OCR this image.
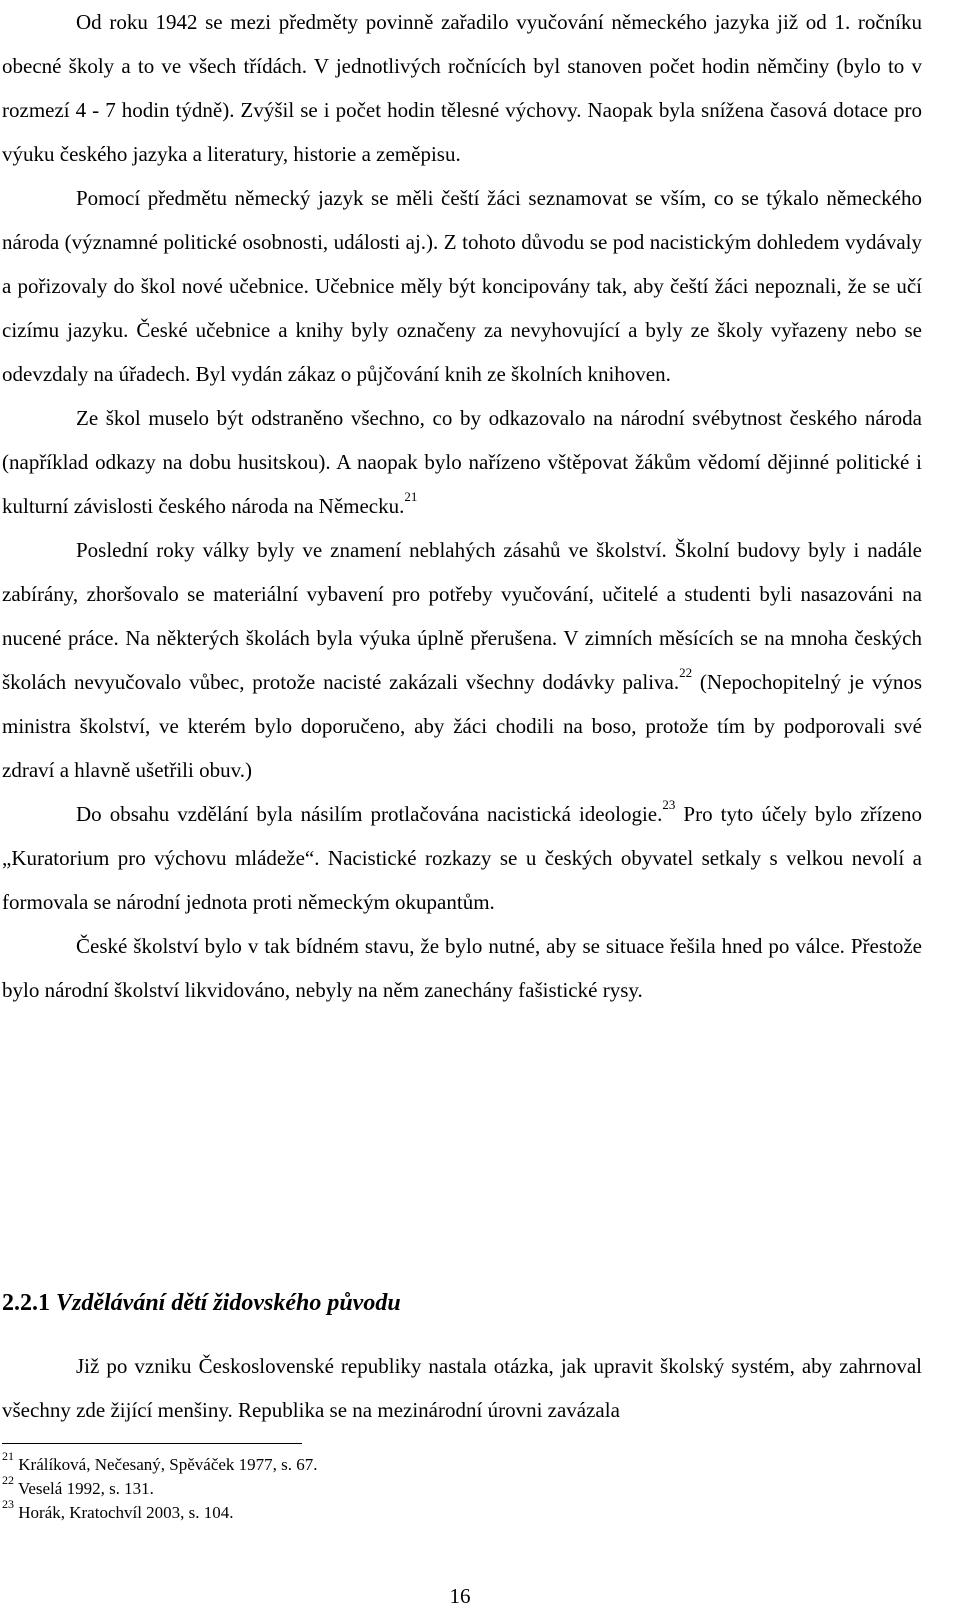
Od roku 1942 se mezi předměty povinně zařadilo vyučování německého jazyka již od 1. ročníku obecné školy a to ve všech třídách. V jednotlivých ročnících byl stanoven počet hodin němčiny (bylo to v rozmezí 4 - 7 hodin týdně). Zvýšil se i počet hodin tělesné výchovy. Naopak byla snížena časová dotace pro výuku českého jazyka a literatury, historie a zeměpisu.

Pomocí předmětu německý jazyk se měli čeští žáci seznamovat se vším, co se týkalo německého národa (významné politické osobnosti, události aj.). Z tohoto důvodu se pod nacistickým dohledem vydávaly a pořizovaly do škol nové učebnice. Učebnice měly být koncipovány tak, aby čeští žáci nepoznali, že se učí cizímu jazyku. České učebnice a knihy byly označeny za nevyhovující a byly ze školy vyřazeny nebo se odevzdaly na úřadech. Byl vydán zákaz o půjčování knih ze školních knihoven.

Ze škol muselo být odstraněno všechno, co by odkazovalo na národní svébytnost českého národa (například odkazy na dobu husitskou). A naopak bylo nařízeno vštěpovat žákům vědomí dějinné politické i kulturní závislosti českého národa na Německu.$^{21}$

Poslední roky války byly ve znamení neblahých zásahů ve školství. Školní budovy byly i nadále zabírány, zhoršovalo se materiální vybavení pro potřeby vyučování, učitelé a studenti byli nasazováni na nucené práce. Na některých školách byla výuka úplně přerušena. V zimních měsících se na mnoha českých školách nevyučovalo vůbec, protože nacisté zakázali všechny dodávky paliva.$^{22}$ (Nepochopitelný je výnos ministra školství, ve kterém bylo doporučeno, aby žáci chodili na boso, protože tím by podporovali své zdraví a hlavně ušetřili obuv.)

Do obsahu vzdělání byla násilím protlačována nacistická ideologie.$^{23}$ Pro tyto účely bylo zřízeno „Kuratorium pro výchovu mládeže“. Nacistické rozkazy se u českých obyvatel setkaly s velkou nevolí a formovala se národní jednota proti německým okupantům.

České školství bylo v tak bídném stavu, že bylo nutné, aby se situace řešila hned po válce. Přestože bylo národní školství likvidováno, nebyly na něm zanechány fašistické rysy.

2.2.1 Vzdělávání dětí židovského původu

Již po vzniku Československé republiky nastala otázka, jak upravit školský systém, aby zahrnoval všechny zde žijící menšiny. Republika se na mezinárodní úrovni zavázala

$^{21}$ Králíková, Nečesaný, Spěváček 1977, s. 67.
$^{22}$ Veselá 1992, s. 131.
$^{23}$ Horák, Kratochvíl 2003, s. 104.
16
